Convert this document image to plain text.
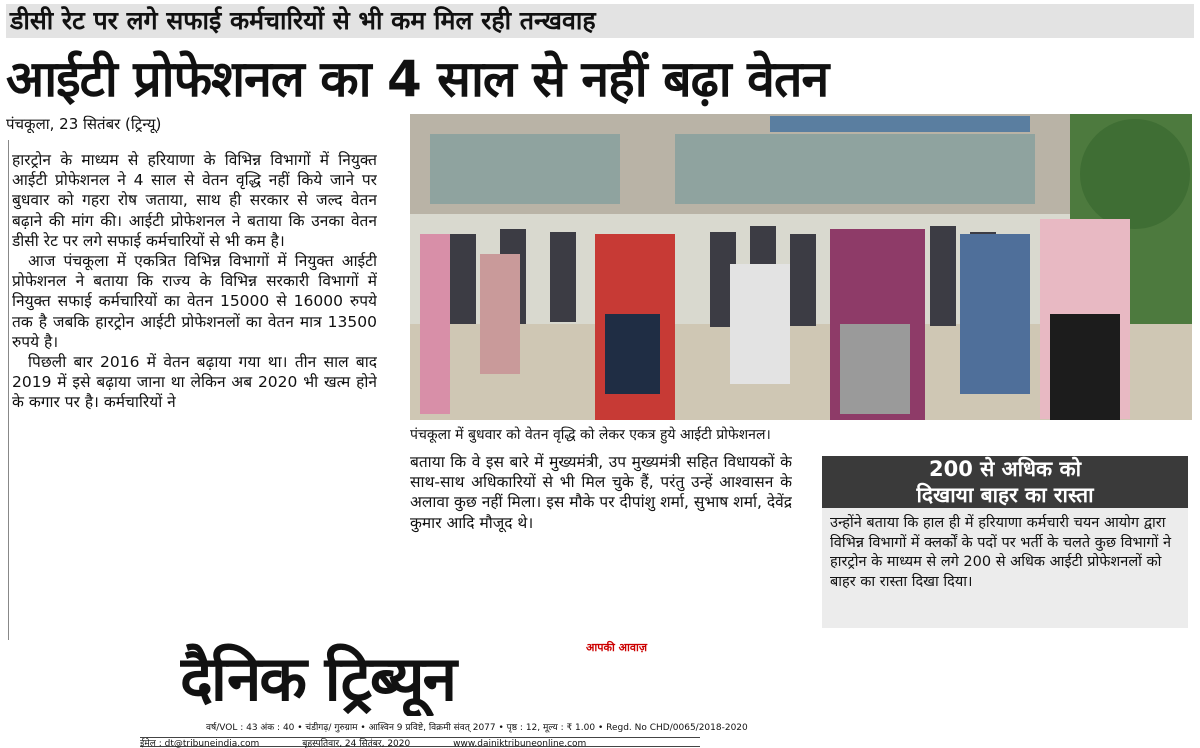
डीसी रेट पर लगे सफाई कर्मचारियों से भी कम मिल रही तन्खवाह
आईटी प्रोफेशनल का 4 साल से नहीं बढ़ा वेतन
पंचकूला, 23 सितंबर (ट्रिन्यू)

हारट्रोन के माध्यम से हरियाणा के विभिन्न विभागों में नियुक्त आईटी प्रोफेशनल ने 4 साल से वेतन वृद्धि नहीं किये जाने पर बुधवार को गहरा रोष जताया, साथ ही सरकार से जल्द वेतन बढ़ाने की मांग की। आईटी प्रोफेशनल ने बताया कि उनका वेतन डीसी रेट पर लगे सफाई कर्मचारियों से भी कम है।

आज पंचकूला में एकत्रित विभिन्न विभागों में नियुक्त आईटी प्रोफेशनल ने बताया कि राज्य के विभिन्न सरकारी विभागों में नियुक्त सफाई कर्मचारियों का वेतन 15000 से 16000 रुपये तक है जबकि हारट्रोन आईटी प्रोफेशनलों का वेतन मात्र 13500 रुपये है।

पिछली बार 2016 में वेतन बढ़ाया गया था। तीन साल बाद 2019 में इसे बढ़ाया जाना था लेकिन अब 2020 भी खत्म होने के कगार पर है। कर्मचारियों ने

पंचकूला में बुधवार को वेतन वृद्धि को लेकर एकत्र हुये आईटी प्रोफेशनल।
बताया कि वे इस बारे में मुख्यमंत्री, उप मुख्यमंत्री सहित विधायकों के साथ-साथ अधिकारियों से भी मिल चुके हैं, परंतु उन्हें आश्वासन के अलावा कुछ नहीं मिला। इस मौके पर दीपांशु शर्मा, सुभाष शर्मा, देवेंद्र कुमार आदि मौजूद थे।
200 से अधिक को
दिखाया बाहर का रास्ता
उन्होंने बताया कि हाल ही में हरियाणा कर्मचारी चयन आयोग द्वारा विभिन्न विभागों में क्लर्कों के पदों पर भर्ती के चलते कुछ विभागों ने हारट्रोन के माध्यम से लगे 200 से अधिक आईटी प्रोफेशनलों को बाहर का रास्ता दिखा दिया।
दैनिक ट्रिब्यून	आपकी आवाज़
वर्ष/VOL : 43 अंक : 40 • चंडीगढ़/ गुरुग्राम • आश्विन 9 प्रविष्टे, विक्रमी संवत् 2077 • पृष्ठ : 12, मूल्य : ₹ 1.00 • Regd. No CHD/0065/2018-2020
ईमेल : dt@tribuneindia.com	बृहस्पतिवार, 24 सितंबर, 2020	www.dainiktribuneonline.com
